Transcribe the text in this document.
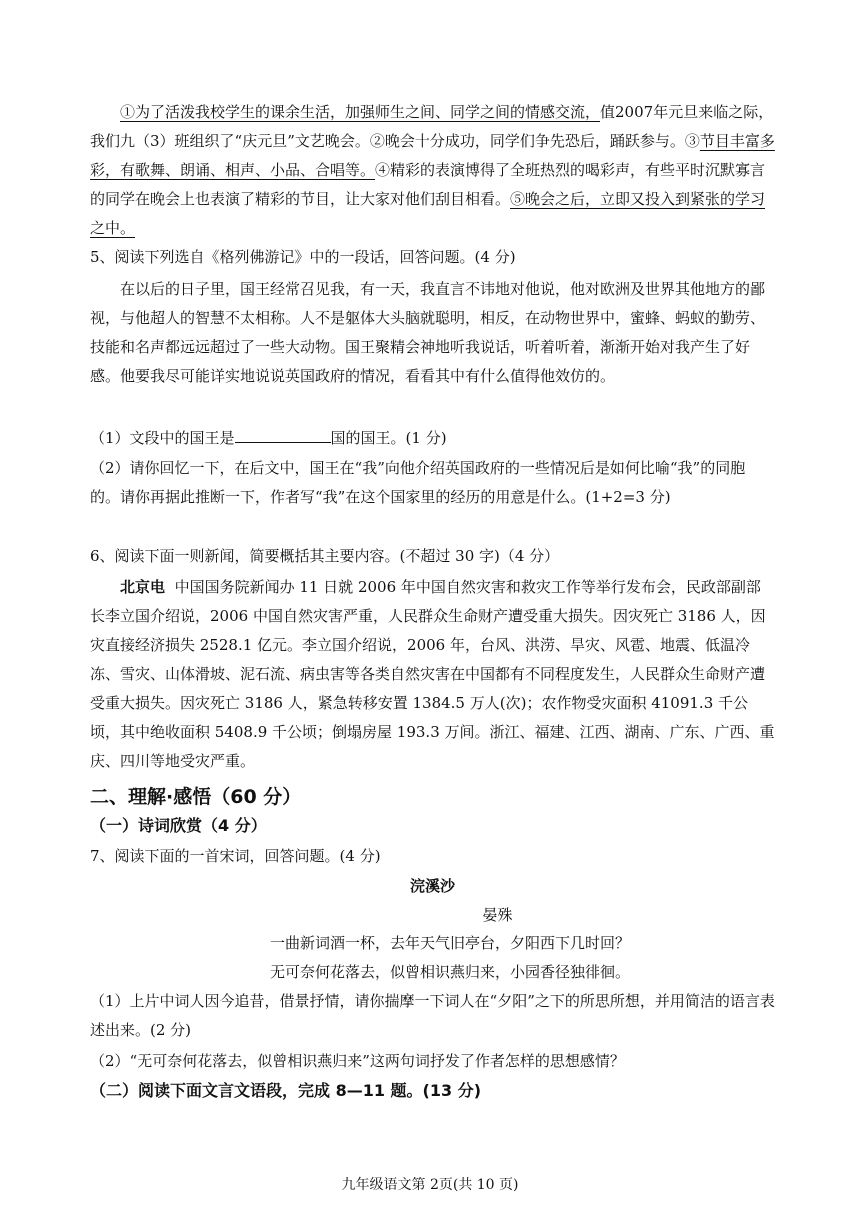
①为了活泼我校学生的课余生活，加强师生之间、同学之间的情感交流，值2007年元旦来临之际，我们九（3）班组织了“庆元旦”文艺晚会。②晚会十分成功，同学们争先恐后，踊跃参与。③节目丰富多彩，有歌舞、朗诵、相声、小品、合唱等。④精彩的表演博得了全班热烈的喝彩声，有些平时沉默寡言的同学在晚会上也表演了精彩的节目，让大家对他们刮目相看。⑤晚会之后，立即又投入到紧张的学习之中。
5、阅读下列选自《格列佛游记》中的一段话，回答问题。(4 分)
在以后的日子里，国王经常召见我，有一天，我直言不讳地对他说，他对欧洲及世界其他地方的鄙视，与他超人的智慧不太相称。人不是躯体大头脑就聪明，相反，在动物世界中，蜜蜂、蚂蚁的勤劳、技能和名声都远远超过了一些大动物。国王聚精会神地听我说话，听着听着，渐渐开始对我产生了好感。他要我尽可能详实地说说英国政府的情况，看看其中有什么值得他效仿的。
（1）文段中的国王是	国的国王。(1 分)
（2）请你回忆一下，在后文中，国王在“我”向他介绍英国政府的一些情况后是如何比喻“我”的同胞的。请你再据此推断一下，作者写“我”在这个国家里的经历的用意是什么。(1+2=3 分)
6、阅读下面一则新闻，简要概括其主要内容。(不超过 30 字)（4 分）
北京电 中国国务院新闻办 11 日就 2006 年中国自然灾害和救灾工作等举行发布会，民政部副部长李立国介绍说，2006 中国自然灾害严重，人民群众生命财产遭受重大损失。因灾死亡 3186 人，因灾直接经济损失 2528.1 亿元。李立国介绍说，2006 年，台风、洪涝、旱灾、风雹、地震、低温冷冻、雪灾、山体滑坡、泥石流、病虫害等各类自然灾害在中国都有不同程度发生，人民群众生命财产遭受重大损失。因灾死亡 3186 人，紧急转移安置 1384.5 万人(次)；农作物受灾面积 41091.3 千公顷，其中绝收面积 5408.9 千公顷；倒塌房屋 193.3 万间。浙江、福建、江西、湖南、广东、广西、重庆、四川等地受灾严重。
二、理解·感悟（60 分）
（一）诗词欣赏（4 分）
7、阅读下面的一首宋词，回答问题。(4 分)
浣溪沙
晏殊
一曲新词酒一杯，去年天气旧亭台，夕阳西下几时回？
无可奈何花落去，似曾相识燕归来，小园香径独徘徊。
（1）上片中词人因今追昔，借景抒情，请你揣摩一下词人在“夕阳”之下的所思所想，并用简洁的语言表述出来。(2 分)
（2）“无可奈何花落去，似曾相识燕归来”这两句词抒发了作者怎样的思想感情？
（二）阅读下面文言文语段，完成 8—11 题。(13 分)
九年级语文第 2页(共 10 页)
